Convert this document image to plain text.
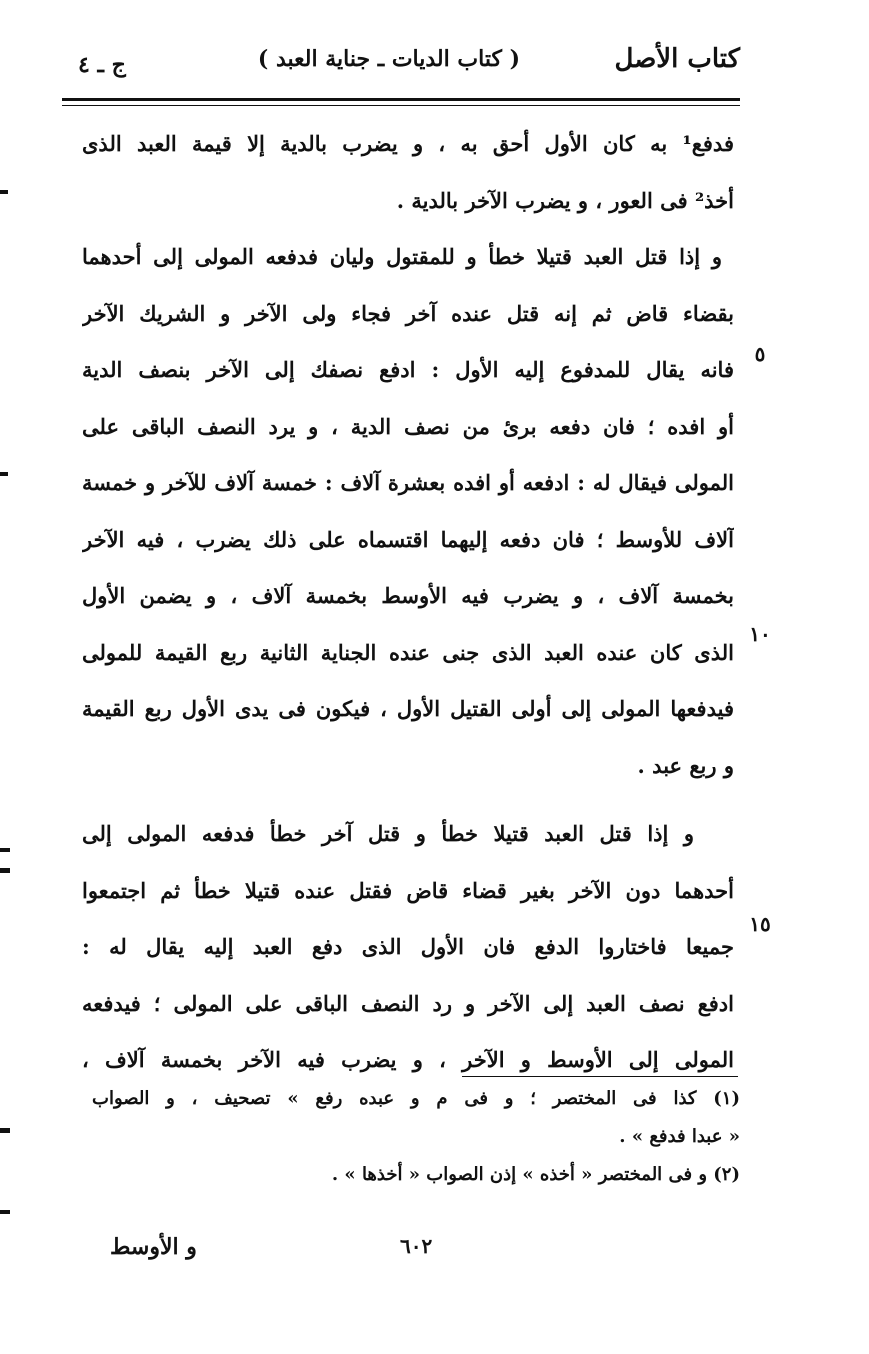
كتاب الأصل
( كتاب الديات ـ جناية العبد )
ج ـ ٤
فدفع¹ به كان الأول أحق به ، و يضرب بالدية إلا قيمة العبد الذى
أخذ² فى العور ، و يضرب الآخر بالدية .
و إذا قتل العبد قتيلا خطأ و للمقتول وليان فدفعه المولى إلى أحدهما
بقضاء قاض ثم إنه قتل عنده آخر فجاء ولى الآخر و الشريك الآخر
فانه يقال للمدفوع إليه الأول : ادفع نصفك إلى الآخر بنصف الدية
أو افده ؛ فان دفعه برئ من نصف الدية ، و يرد النصف الباقى على
المولى فيقال له : ادفعه أو افده بعشرة آلاف : خمسة آلاف للآخر و خمسة
آلاف للأوسط ؛ فان دفعه إليهما اقتسماه على ذلك يضرب ، فيه الآخر
بخمسة آلاف ، و يضرب فيه الأوسط بخمسة آلاف ، و يضمن الأول
الذى كان عنده العبد الذى جنى عنده الجناية الثانية ربع القيمة للمولى
فيدفعها المولى إلى أولى القتيل الأول ، فيكون فى يدى الأول ربع القيمة
و ربع عبد .
و إذا قتل العبد قتيلا خطأ و قتل آخر خطأ فدفعه المولى إلى
أحدهما دون الآخر بغير قضاء قاض فقتل عنده قتيلا خطأ ثم اجتمعوا
جميعا فاختاروا الدفع فان الأول الذى دفع العبد إليه يقال له :
ادفع نصف العبد إلى الآخر و رد النصف الباقى على المولى ؛ فيدفعه
المولى إلى الأوسط و الآخر ، و يضرب فيه الآخر بخمسة آلاف ،
٥
١٠
١٥
(١) كذا فى المختصر ؛ و فى م و عبده رفع » تصحيف ، و الصواب
« عبدا فدفع » .
(٢) و فى المختصر « أخذه » إذن الصواب « أخذها » .
٦٠٢
و الأوسط
